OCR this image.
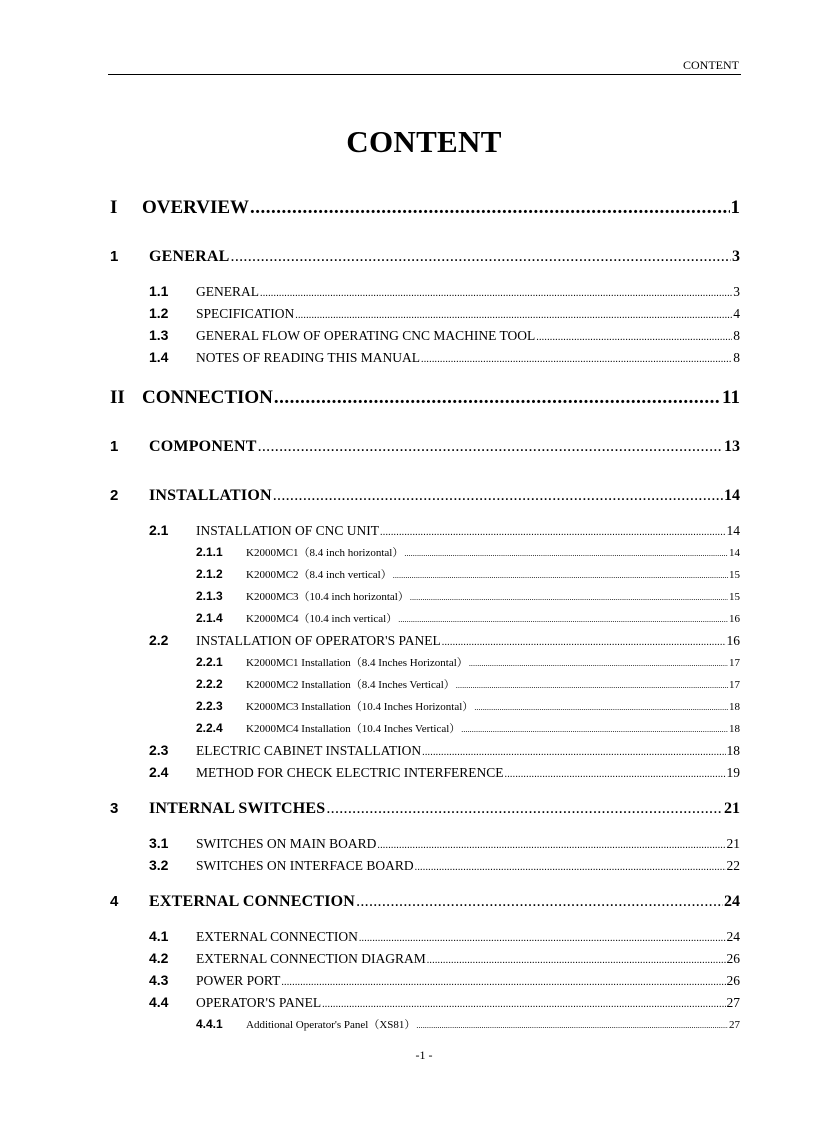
CONTENT
CONTENT
I	OVERVIEW .....	1
1	GENERAL .....	3
1.1	GENERAL .....	3
1.2	SPECIFICATION .....	4
1.3	GENERAL FLOW OF OPERATING CNC MACHINE TOOL .....	8
1.4	NOTES OF READING THIS MANUAL .....	8
II CONNECTION .....	11
1	COMPONENT .....	13
2	INSTALLATION .....	14
2.1	INSTALLATION OF CNC UNIT .....	14
2.1.1	K2000MC1（8.4 inch horizontal） .....	14
2.1.2	K2000MC2（8.4 inch vertical） .....	15
2.1.3	K2000MC3（10.4 inch horizontal） .....	15
2.1.4	K2000MC4（10.4 inch vertical） .....	16
2.2	INSTALLATION OF OPERATOR'S PANEL .....	16
2.2.1	K2000MC1 Installation（8.4 Inches Horizontal） .....	17
2.2.2	K2000MC2 Installation（8.4 Inches Vertical） .....	17
2.2.3	K2000MC3 Installation（10.4 Inches Horizontal） .....	18
2.2.4	K2000MC4 Installation（10.4 Inches Vertical） .....	18
2.3	ELECTRIC CABINET INSTALLATION .....	18
2.4	METHOD FOR CHECK ELECTRIC INTERFERENCE .....	19
3	INTERNAL SWITCHES .....	21
3.1	SWITCHES ON MAIN BOARD .....	21
3.2	SWITCHES ON INTERFACE BOARD .....	22
4	EXTERNAL CONNECTION .....	24
4.1	EXTERNAL CONNECTION .....	24
4.2	EXTERNAL CONNECTION DIAGRAM .....	26
4.3	POWER PORT .....	26
4.4	OPERATOR'S PANEL .....	27
4.4.1	Additional Operator's Panel（XS81） .....	27
-1 -
